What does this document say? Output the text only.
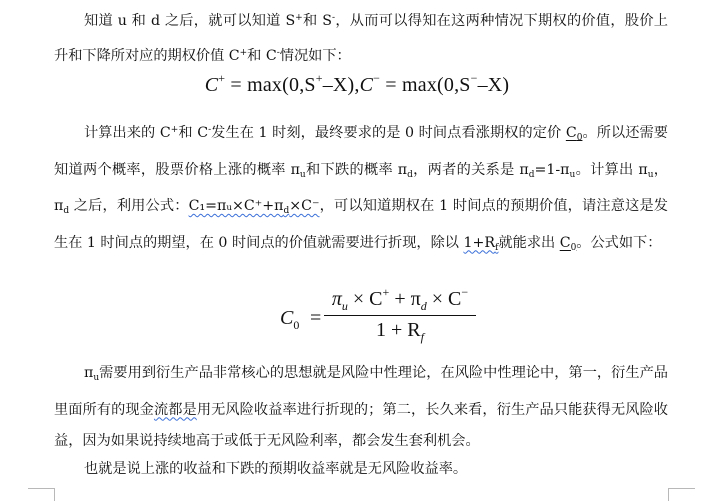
知道 u 和 d 之后，就可以知道 S+和 S-，从而可以得知在这两种情况下期权的价值，股价上升和下降所对应的期权价值 C+和 C-情况如下：

C+ = max(0,S+–X),C− = max(0,S−–X)

计算出来的 C+和 C-发生在 1 时刻，最终要求的是 0 时间点看涨期权的定价 $C_0$。所以还需要知道两个概率，股票价格上涨的概率 $\pi_u$和下跌的概率 $\pi_d$，两者的关系是 $\pi_d=1-\pi_u$。计算出 $\pi_u$，$\pi_d$ 之后，利用公式：$C_1=\pi ᵤ\times C^++\pi_d\times C^-$，可以知道期权在 1 时间点的预期价值，请注意这是发生在 1 时间点的期望，在 0 时间点的价值就需要进行折现，除以 $1+R_f$就能求出 $C_0$。公式如下：

$C_0$ =
$\pi_u \times C^+ + \pi_d \times C^-$
$1 + R_f$

$\pi_u$需要用到衍生产品非常核心的思想就是风险中性理论，在风险中性理论中，第一，衍生产品里面所有的现金流都是用无风险收益率进行折现的；第二，长久来看，衍生产品只能获得无风险收益，因为如果说持续地高于或低于无风险利率，都会发生套利机会。

也就是说上涨的收益和下跌的预期收益率就是无风险收益率。
